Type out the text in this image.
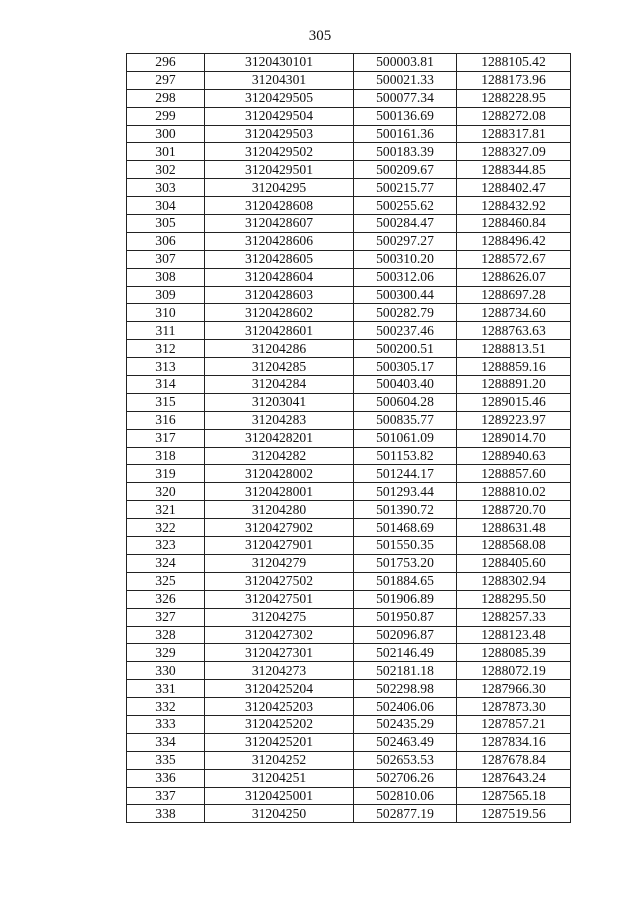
305
296	3120430101	500003.81	1288105.42
297	31204301	500021.33	1288173.96
298	3120429505	500077.34	1288228.95
299	3120429504	500136.69	1288272.08
300	3120429503	500161.36	1288317.81
301	3120429502	500183.39	1288327.09
302	3120429501	500209.67	1288344.85
303	31204295	500215.77	1288402.47
304	3120428608	500255.62	1288432.92
305	3120428607	500284.47	1288460.84
306	3120428606	500297.27	1288496.42
307	3120428605	500310.20	1288572.67
308	3120428604	500312.06	1288626.07
309	3120428603	500300.44	1288697.28
310	3120428602	500282.79	1288734.60
311	3120428601	500237.46	1288763.63
312	31204286	500200.51	1288813.51
313	31204285	500305.17	1288859.16
314	31204284	500403.40	1288891.20
315	31203041	500604.28	1289015.46
316	31204283	500835.77	1289223.97
317	3120428201	501061.09	1289014.70
318	31204282	501153.82	1288940.63
319	3120428002	501244.17	1288857.60
320	3120428001	501293.44	1288810.02
321	31204280	501390.72	1288720.70
322	3120427902	501468.69	1288631.48
323	3120427901	501550.35	1288568.08
324	31204279	501753.20	1288405.60
325	3120427502	501884.65	1288302.94
326	3120427501	501906.89	1288295.50
327	31204275	501950.87	1288257.33
328	3120427302	502096.87	1288123.48
329	3120427301	502146.49	1288085.39
330	31204273	502181.18	1288072.19
331	3120425204	502298.98	1287966.30
332	3120425203	502406.06	1287873.30
333	3120425202	502435.29	1287857.21
334	3120425201	502463.49	1287834.16
335	31204252	502653.53	1287678.84
336	31204251	502706.26	1287643.24
337	3120425001	502810.06	1287565.18
338	31204250	502877.19	1287519.56
